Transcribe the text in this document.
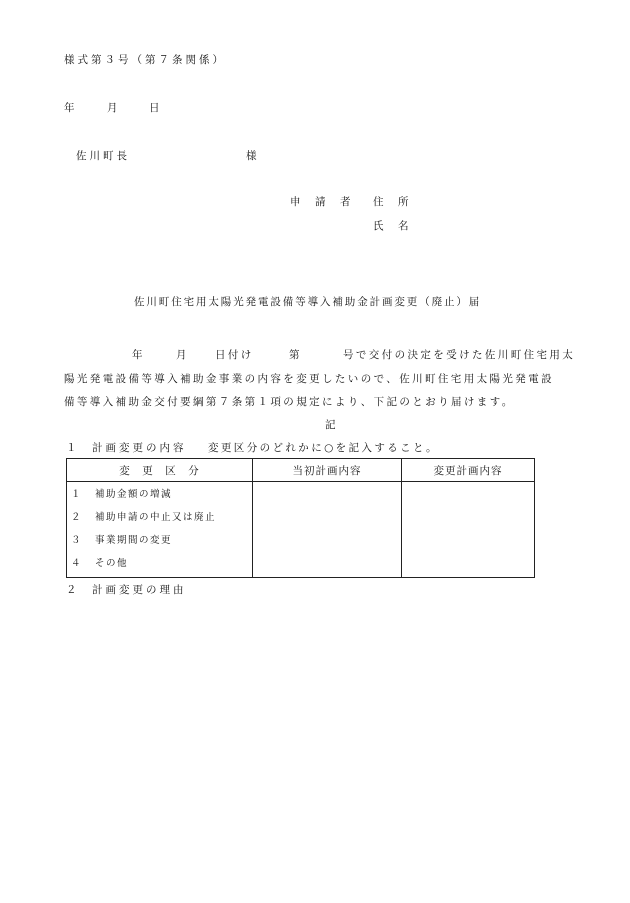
様式第３号（第７条関係）
年	月	日
佐川町長	様
申　請　者 住　所
氏　名
佐川町住宅用太陽光発電設備等導入補助金計画変更（廃止）届
年	月	日付け	第	号で交付の決定を受けた佐川町住宅用太
陽光発電設備等導入補助金事業の内容を変更したいので、佐川町住宅用太陽光発電設
備等導入補助金交付要綱第７条第１項の規定により、下記のとおり届けます。
記
１ 計画変更の内容 変更区分のどれかに○を記入すること。
変　更　区　分	当初計画内容	変更計画内容

１ 補助金額の増減
２ 補助申請の中止又は廃止
３ 事業期間の変更
４ その他		

２ 計画変更の理由
